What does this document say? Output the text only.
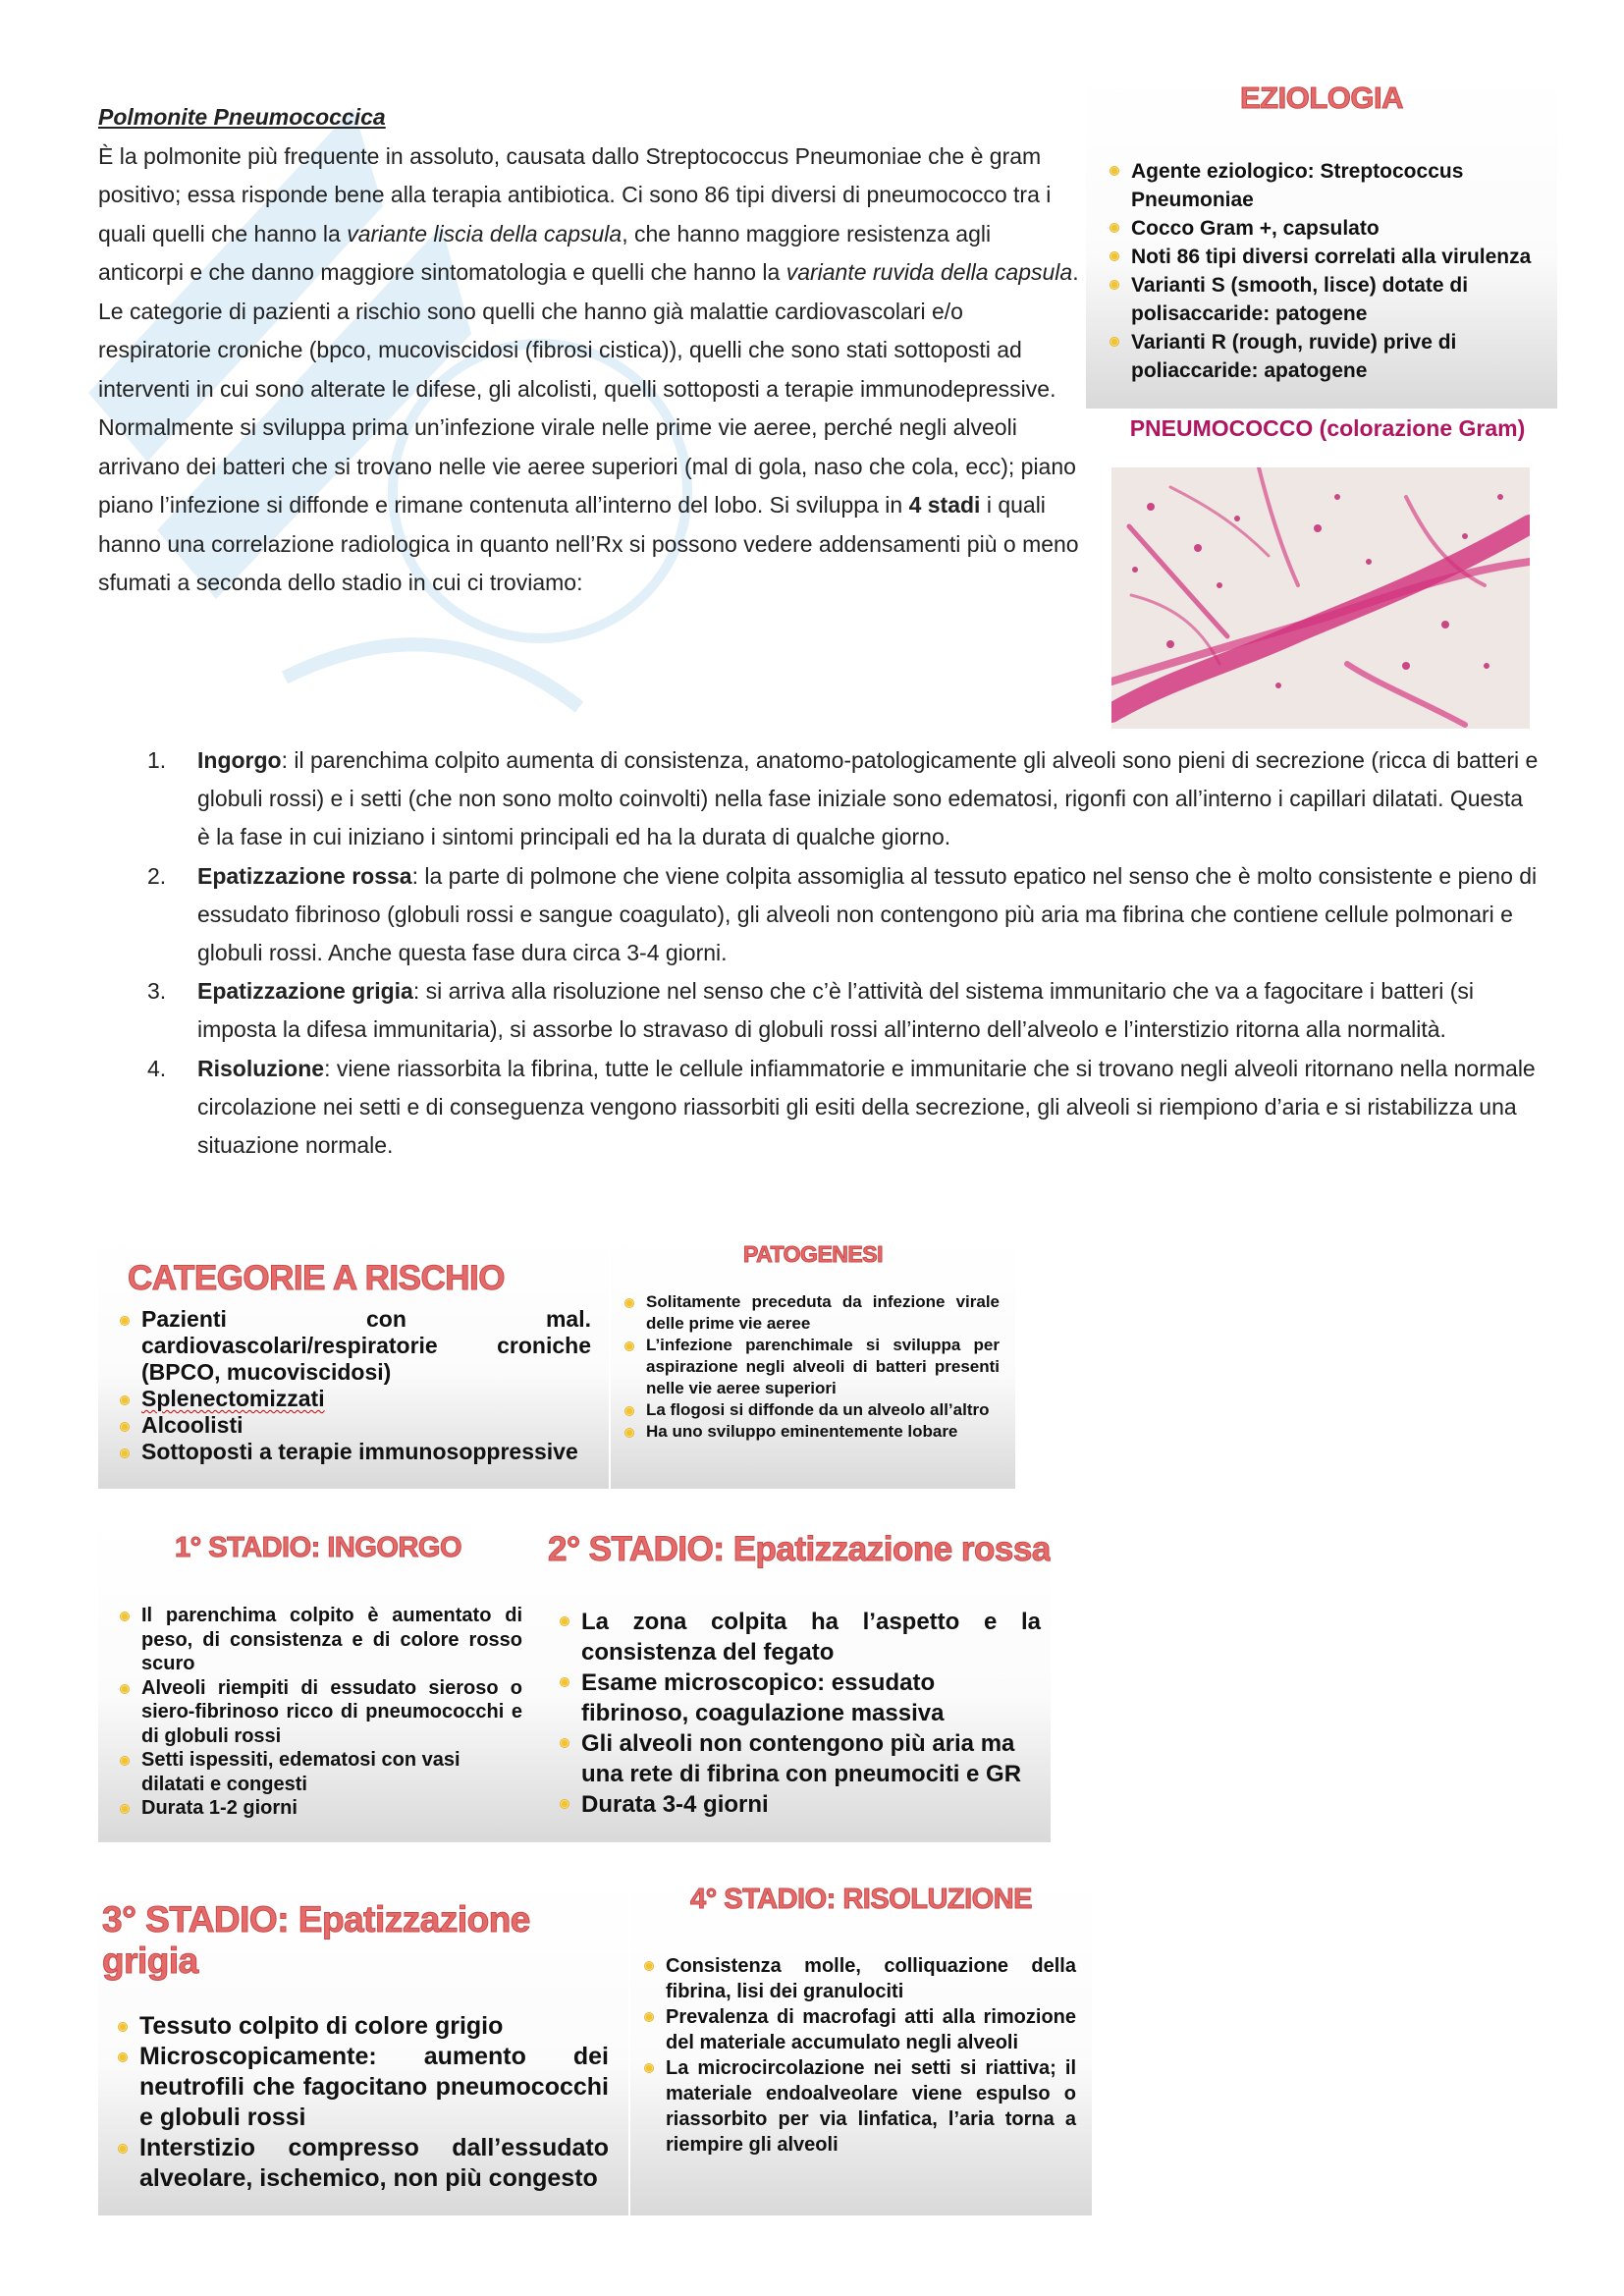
Polmonite Pneumococcica

È la polmonite più frequente in assoluto, causata dallo Streptococcus Pneumoniae che è gram positivo; essa risponde bene alla terapia antibiotica. Ci sono 86 tipi diversi di pneumococco tra i quali quelli che hanno la variante liscia della capsula, che hanno maggiore resistenza agli anticorpi e che danno maggiore sintomatologia e quelli che hanno la variante ruvida della capsula.

Le categorie di pazienti a rischio sono quelli che hanno già malattie cardiovascolari e/o respiratorie croniche (bpco, mucoviscidosi (fibrosi cistica)), quelli che sono stati sottoposti ad interventi in cui sono alterate le difese, gli alcolisti, quelli sottoposti a terapie immunodepressive.

Normalmente si sviluppa prima un’infezione virale nelle prime vie aeree, perché negli alveoli arrivano dei batteri che si trovano nelle vie aeree superiori (mal di gola, naso che cola, ecc); piano piano l’infezione si diffonde e rimane contenuta all’interno del lobo. Si sviluppa in 4 stadi i quali hanno una correlazione radiologica in quanto nell’Rx si possono vedere addensamenti più o meno sfumati a seconda dello stadio in cui ci troviamo:

1. Ingorgo: il parenchima colpito aumenta di consistenza, anatomo-patologicamente gli alveoli sono pieni di secrezione (ricca di batteri e globuli rossi) e i setti (che non sono molto coinvolti) nella fase iniziale sono edematosi, rigonfi con all’interno i capillari dilatati. Questa è la fase in cui iniziano i sintomi principali ed ha la durata di qualche giorno.
2. Epatizzazione rossa: la parte di polmone che viene colpita assomiglia al tessuto epatico nel senso che è molto consistente e pieno di essudato fibrinoso (globuli rossi e sangue coagulato), gli alveoli non contengono più aria ma fibrina che contiene cellule polmonari e globuli rossi. Anche questa fase dura circa 3-4 giorni.
3. Epatizzazione grigia: si arriva alla risoluzione nel senso che c’è l’attività del sistema immunitario che va a fagocitare i batteri (si imposta la difesa immunitaria), si assorbe lo stravaso di globuli rossi all’interno dell’alveolo e l’interstizio ritorna alla normalità.
4. Risoluzione: viene riassorbita la fibrina, tutte le cellule infiammatorie e immunitarie che si trovano negli alveoli ritornano nella normale circolazione nei setti e di conseguenza vengono riassorbiti gli esiti della secrezione, gli alveoli si riempiono d’aria e si ristabilizza una situazione normale.
EZIOLOGIA
Agente eziologico: Streptococcus Pneumoniae
Cocco Gram +, capsulato
Noti 86 tipi diversi correlati alla virulenza
Varianti S (smooth, lisce) dotate di polisaccaride: patogene
Varianti R (rough, ruvide) prive di poliaccaride: apatogene
PNEUMOCOCCO (colorazione Gram)
CATEGORIE A RISCHIO
Pazienti con mal. cardiovascolari/respiratorie croniche (BPCO, mucoviscidosi)
Splenectomizzati
Alcoolisti
Sottoposti a terapie immunosoppressive
PATOGENESI
Solitamente preceduta da infezione virale delle prime vie aeree
L’infezione parenchimale si sviluppa per aspirazione negli alveoli di batteri presenti nelle vie aeree superiori
La flogosi si diffonde da un alveolo all’altro
Ha uno sviluppo eminentemente lobare
1° STADIO: INGORGO
Il parenchima colpito è aumentato di peso, di consistenza e di colore rosso scuro
Alveoli riempiti di essudato sieroso o siero-fibrinoso ricco di pneumococchi e di globuli rossi
Setti ispessiti, edematosi con vasi dilatati e congesti
Durata 1-2 giorni
2° STADIO: Epatizzazione rossa
La zona colpita ha l’aspetto e la consistenza del fegato
Esame microscopico: essudato fibrinoso, coagulazione massiva
Gli alveoli non contengono più aria ma una rete di fibrina con pneumociti e GR
Durata 3-4 giorni
3° STADIO: Epatizzazione grigia
Tessuto colpito di colore grigio
Microscopicamente: aumento dei neutrofili che fagocitano pneumococchi e globuli rossi
Interstizio compresso dall’essudato alveolare, ischemico, non più congesto
4° STADIO: RISOLUZIONE
Consistenza molle, colliquazione della fibrina, lisi dei granulociti
Prevalenza di macrofagi atti alla rimozione del materiale accumulato negli alveoli
La microcircolazione nei setti si riattiva; il materiale endoalveolare viene espulso o riassorbito per via linfatica, l’aria torna a riempire gli alveoli
